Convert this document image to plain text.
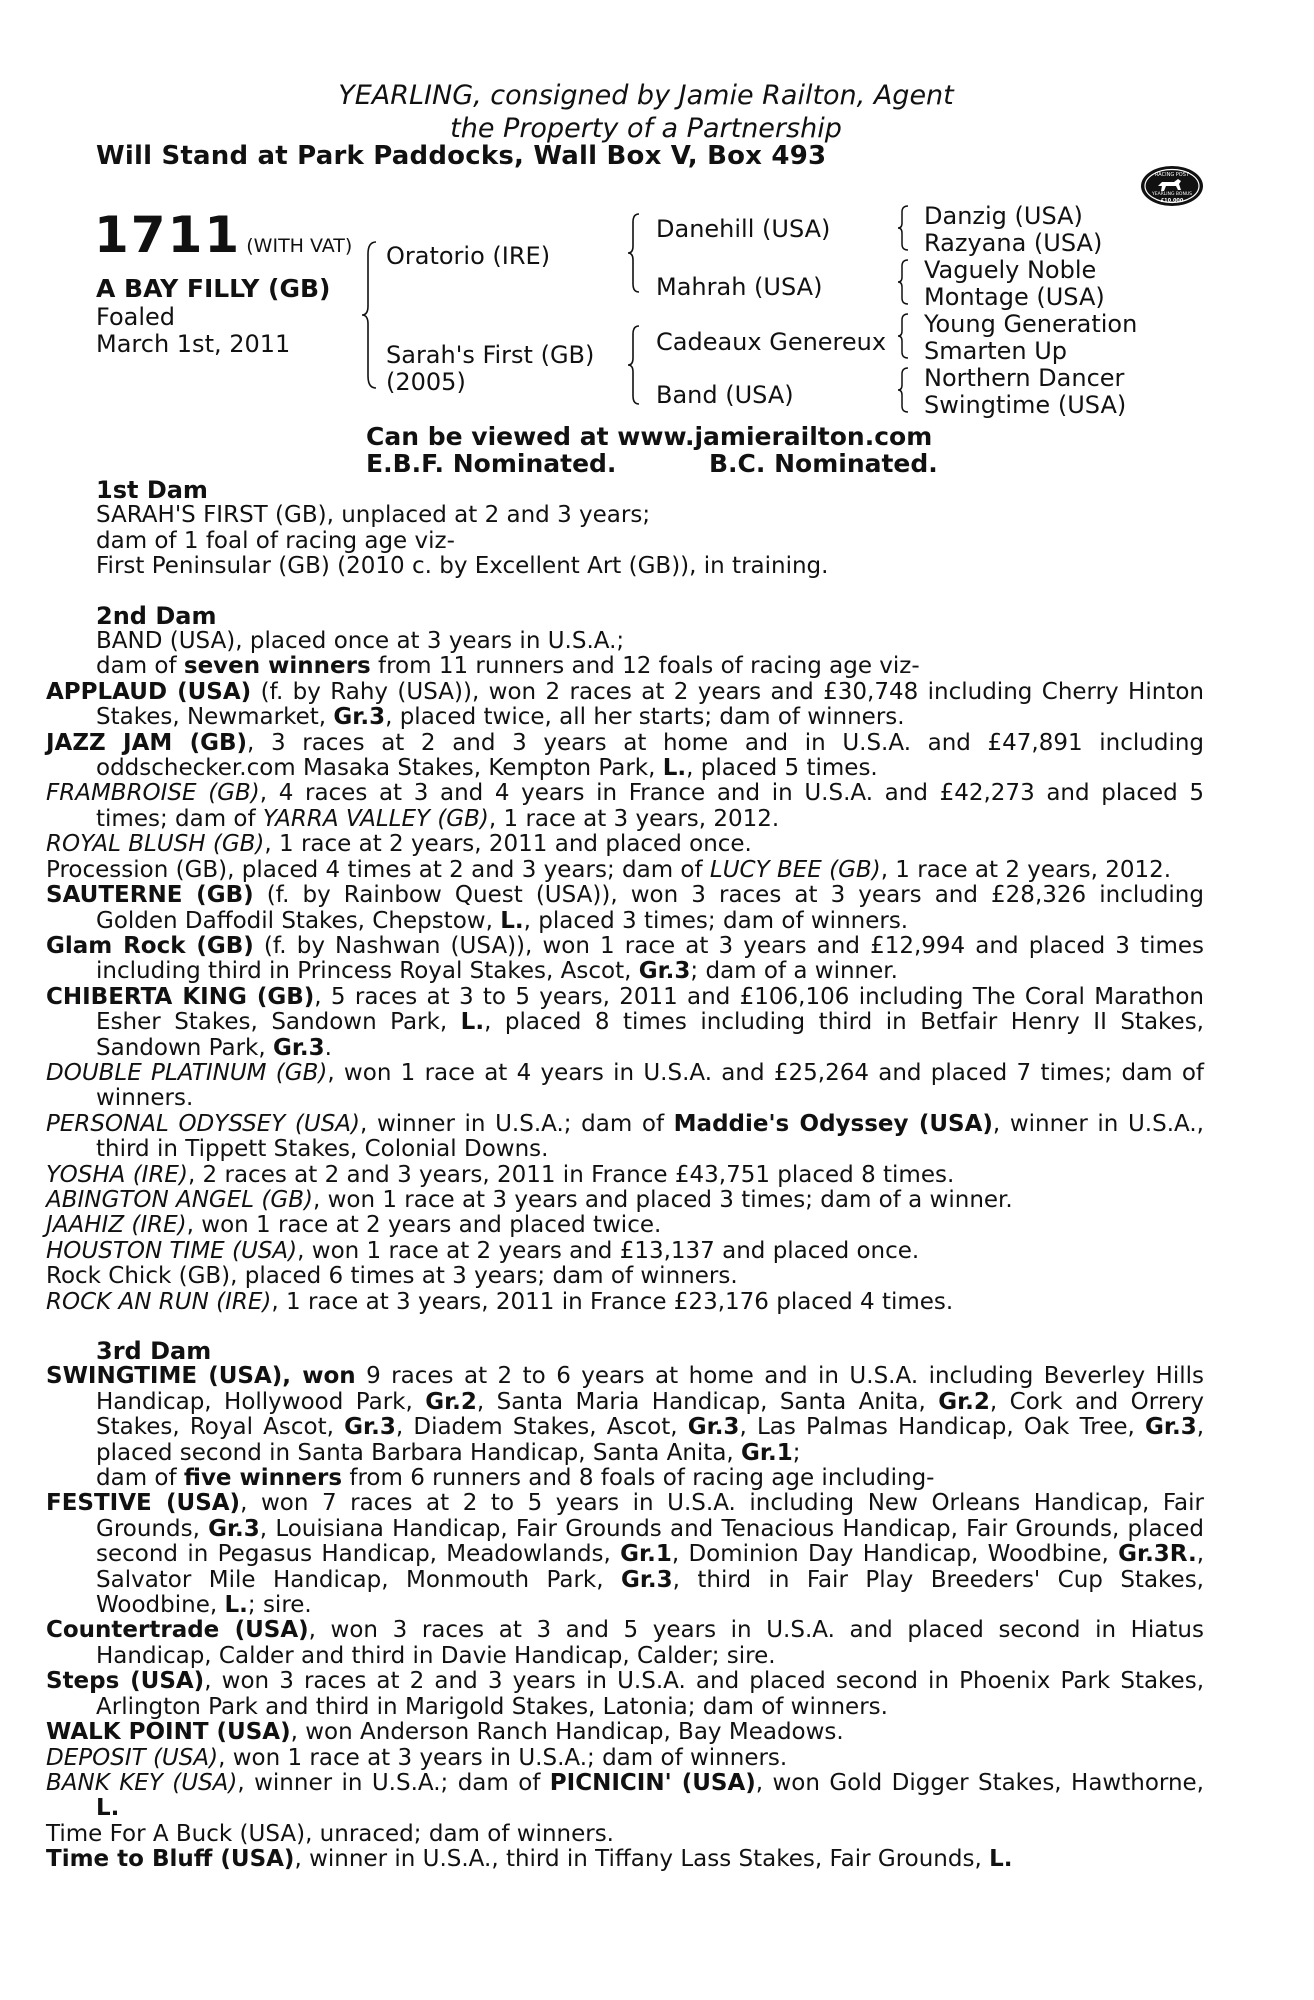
YEARLING, consigned by Jamie Railton, Agent
the Property of a Partnership
Will Stand at Park Paddocks, Wall Box V, Box 493
RACING POST
YEARLING BONUS
£10,000
1711 (WITH VAT)
A BAY FILLY (GB)
Foaled
March 1st, 2011
Oratorio (IRE)
Sarah's First (GB)
(2005)
Danehill (USA)
Mahrah (USA)
Cadeaux Genereux
Band (USA)
Danzig (USA)
Razyana (USA)
Vaguely Noble
Montage (USA)
Young Generation
Smarten Up
Northern Dancer
Swingtime (USA)
Can be viewed at www.jamierailton.com
E.B.F. Nominated.	B.C. Nominated.
1st Dam

SARAH'S FIRST (GB), unplaced at 2 and 3 years;

dam of 1 foal of racing age viz-

First Peninsular (GB) (2010 c. by Excellent Art (GB)), in training.

2nd Dam

BAND (USA), placed once at 3 years in U.S.A.;

dam of seven winners from 11 runners and 12 foals of racing age viz-

APPLAUD (USA) (f. by Rahy (USA)), won 2 races at 2 years and £30,748 including Cherry Hinton Stakes, Newmarket, Gr.3, placed twice, all her starts; dam of winners.

JAZZ JAM (GB), 3 races at 2 and 3 years at home and in U.S.A. and £47,891 including oddschecker.com Masaka Stakes, Kempton Park, L., placed 5 times.

FRAMBROISE (GB), 4 races at 3 and 4 years in France and in U.S.A. and £42,273 and placed 5 times; dam of YARRA VALLEY (GB), 1 race at 3 years, 2012.

ROYAL BLUSH (GB), 1 race at 2 years, 2011 and placed once.

Procession (GB), placed 4 times at 2 and 3 years; dam of LUCY BEE (GB), 1 race at 2 years, 2012.

SAUTERNE (GB) (f. by Rainbow Quest (USA)), won 3 races at 3 years and £28,326 including Golden Daffodil Stakes, Chepstow, L., placed 3 times; dam of winners.

Glam Rock (GB) (f. by Nashwan (USA)), won 1 race at 3 years and £12,994 and placed 3 times including third in Princess Royal Stakes, Ascot, Gr.3; dam of a winner.

CHIBERTA KING (GB), 5 races at 3 to 5 years, 2011 and £106,106 including The Coral Marathon Esher Stakes, Sandown Park, L., placed 8 times including third in Betfair Henry II Stakes, Sandown Park, Gr.3.

DOUBLE PLATINUM (GB), won 1 race at 4 years in U.S.A. and £25,264 and placed 7 times; dam of winners.

PERSONAL ODYSSEY (USA), winner in U.S.A.; dam of Maddie's Odyssey (USA), winner in U.S.A., third in Tippett Stakes, Colonial Downs.

YOSHA (IRE), 2 races at 2 and 3 years, 2011 in France £43,751 placed 8 times.

ABINGTON ANGEL (GB), won 1 race at 3 years and placed 3 times; dam of a winner.

JAAHIZ (IRE), won 1 race at 2 years and placed twice.

HOUSTON TIME (USA), won 1 race at 2 years and £13,137 and placed once.

Rock Chick (GB), placed 6 times at 3 years; dam of winners.

ROCK AN RUN (IRE), 1 race at 3 years, 2011 in France £23,176 placed 4 times.

3rd Dam

SWINGTIME (USA), won 9 races at 2 to 6 years at home and in U.S.A. including Beverley Hills Handicap, Hollywood Park, Gr.2, Santa Maria Handicap, Santa Anita, Gr.2, Cork and Orrery Stakes, Royal Ascot, Gr.3, Diadem Stakes, Ascot, Gr.3, Las Palmas Handicap, Oak Tree, Gr.3, placed second in Santa Barbara Handicap, Santa Anita, Gr.1;

dam of five winners from 6 runners and 8 foals of racing age including-

FESTIVE (USA), won 7 races at 2 to 5 years in U.S.A. including New Orleans Handicap, Fair Grounds, Gr.3, Louisiana Handicap, Fair Grounds and Tenacious Handicap, Fair Grounds, placed second in Pegasus Handicap, Meadowlands, Gr.1, Dominion Day Handicap, Woodbine, Gr.3R., Salvator Mile Handicap, Monmouth Park, Gr.3, third in Fair Play Breeders' Cup Stakes, Woodbine, L.; sire.

Countertrade (USA), won 3 races at 3 and 5 years in U.S.A. and placed second in Hiatus Handicap, Calder and third in Davie Handicap, Calder; sire.

Steps (USA), won 3 races at 2 and 3 years in U.S.A. and placed second in Phoenix Park Stakes, Arlington Park and third in Marigold Stakes, Latonia; dam of winners.

WALK POINT (USA), won Anderson Ranch Handicap, Bay Meadows.

DEPOSIT (USA), won 1 race at 3 years in U.S.A.; dam of winners.

BANK KEY (USA), winner in U.S.A.; dam of PICNICIN' (USA), won Gold Digger Stakes, Hawthorne, L.

Time For A Buck (USA), unraced; dam of winners.

Time to Bluff (USA), winner in U.S.A., third in Tiffany Lass Stakes, Fair Grounds, L.
